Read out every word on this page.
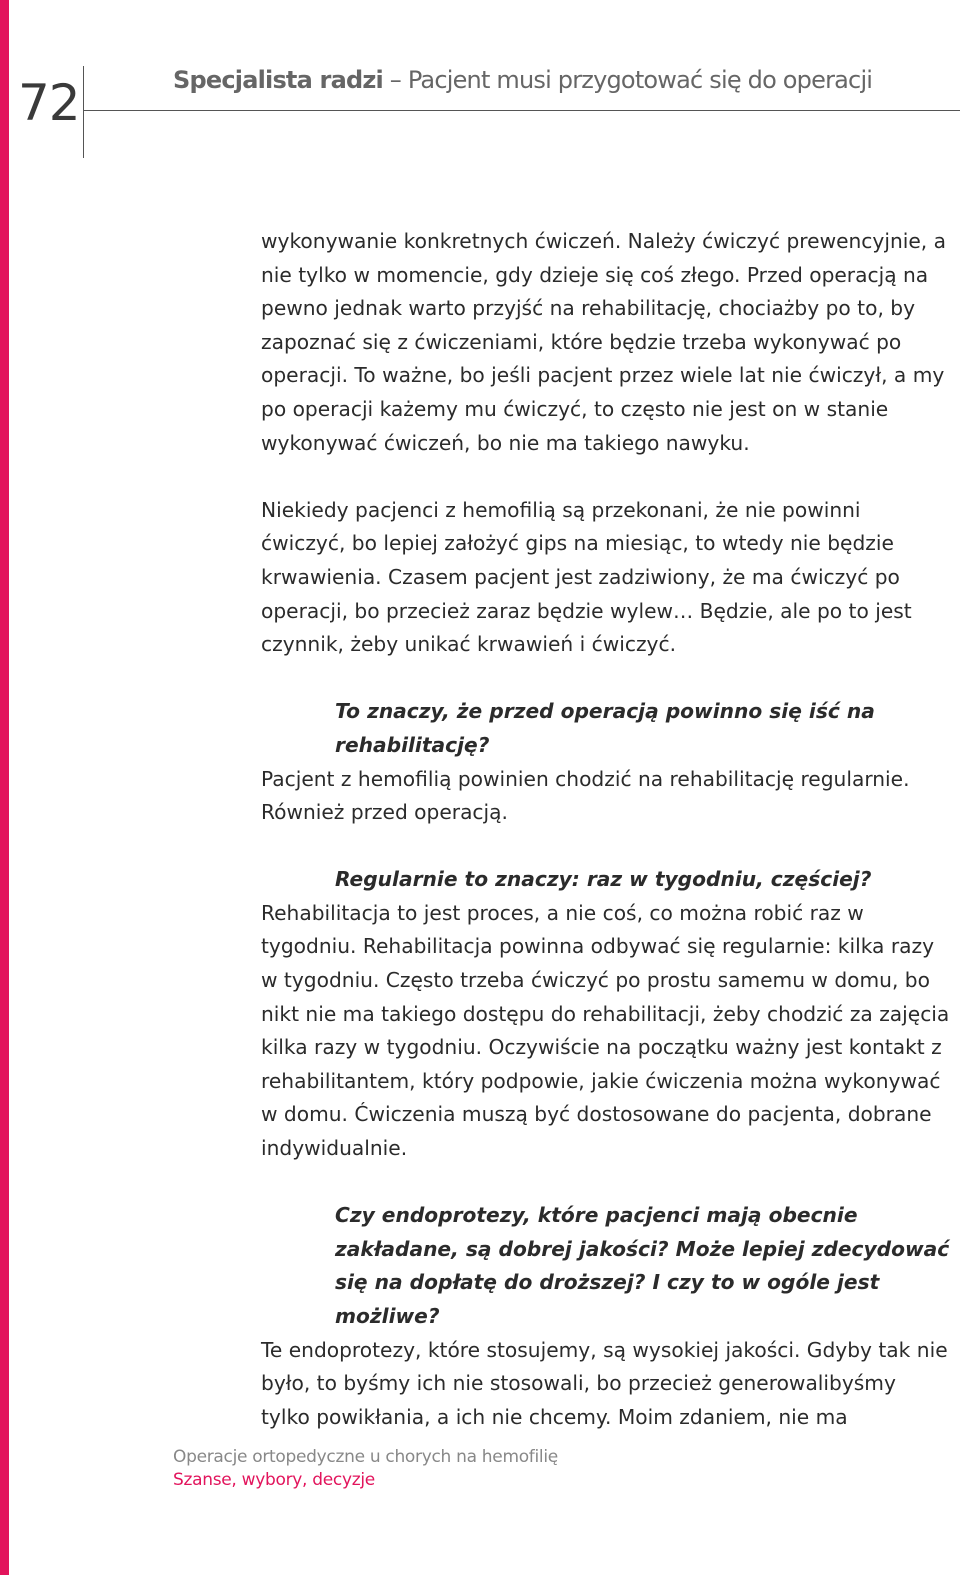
72	Specjalista radzi – Pacjent musi przygotować się do operacji

wykonywanie konkretnych ćwiczeń. Należy ćwiczyć prewencyjnie, a nie tylko w momencie, gdy dzieje się coś złego. Przed operacją na pewno jednak warto przyjść na rehabilitację, chociażby po to, by zapoznać się z ćwiczeniami, które będzie trzeba wykonywać po operacji. To ważne, bo jeśli pacjent przez wiele lat nie ćwiczył, a my po operacji każemy mu ćwiczyć, to często nie jest on w stanie wykonywać ćwiczeń, bo nie ma takiego nawyku.

Niekiedy pacjenci z hemofilią są przekonani, że nie powinni ćwiczyć, bo lepiej założyć gips na miesiąc, to wtedy nie będzie krwawienia. Czasem pacjent jest zadziwiony, że ma ćwiczyć po operacji, bo przecież zaraz będzie wylew… Będzie, ale po to jest czynnik, żeby unikać krwawień i ćwiczyć.

To znaczy, że przed operacją powinno się iść na rehabilitację?

Pacjent z hemofilią powinien chodzić na rehabilitację regularnie. Również przed operacją.

Regularnie to znaczy: raz w tygodniu, częściej?

Rehabilitacja to jest proces, a nie coś, co można robić raz w tygodniu. Rehabilitacja powinna odbywać się regularnie: kilka razy w tygodniu. Często trzeba ćwiczyć po prostu samemu w domu, bo nikt nie ma takiego dostępu do rehabilitacji, żeby chodzić za zajęcia kilka razy w tygodniu. Oczywiście na początku ważny jest kontakt z rehabilitantem, który podpowie, jakie ćwiczenia można wykonywać w domu. Ćwiczenia muszą być dostosowane do pacjenta, dobrane indywidualnie.

Czy endoprotezy, które pacjenci mają obecnie zakładane, są dobrej jakości? Może lepiej zdecydować się na dopłatę do droższej? I czy to w ogóle jest możliwe?

Te endoprotezy, które stosujemy, są wysokiej jakości. Gdyby tak nie było, to byśmy ich nie stosowali, bo przecież generowalibyśmy tylko powikłania, a ich nie chcemy. Moim zdaniem, nie ma

Operacje ortopedyczne u chorych na hemofilię
Szanse, wybory, decyzje
